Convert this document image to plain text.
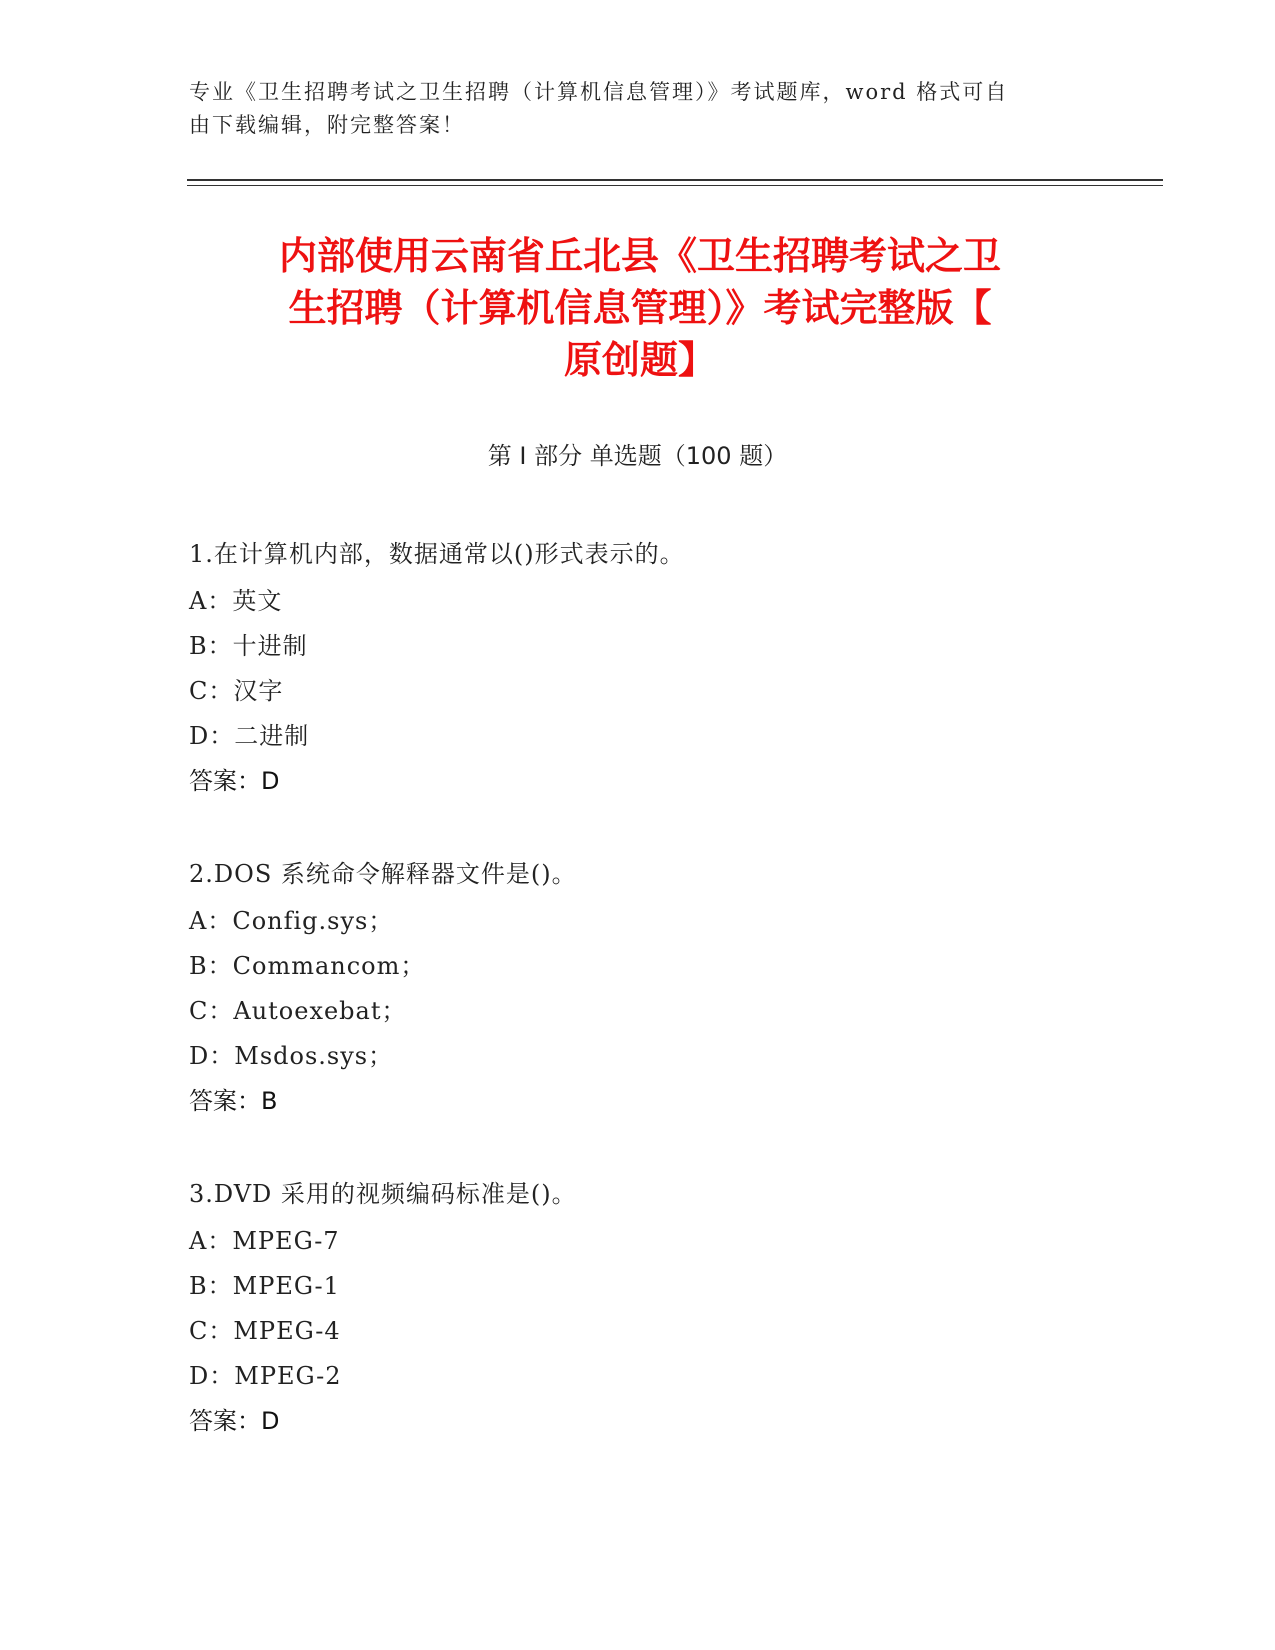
专业《卫生招聘考试之卫生招聘（计算机信息管理）》考试题库，word 格式可自
由下载编辑，附完整答案！
内部使用云南省丘北县《卫生招聘考试之卫
生招聘（计算机信息管理）》考试完整版【
原创题】
第 I 部分 单选题（100 题）
1.在计算机内部，数据通常以()形式表示的。
A：英文
B：十进制
C：汉字
D：二进制
答案：D
2.DOS 系统命令解释器文件是()。
A：Config.sys；
B：Commancom；
C：Autoexebat；
D：Msdos.sys；
答案：B
3.DVD 采用的视频编码标准是()。
A：MPEG-7
B：MPEG-1
C：MPEG-4
D：MPEG-2
答案：D
